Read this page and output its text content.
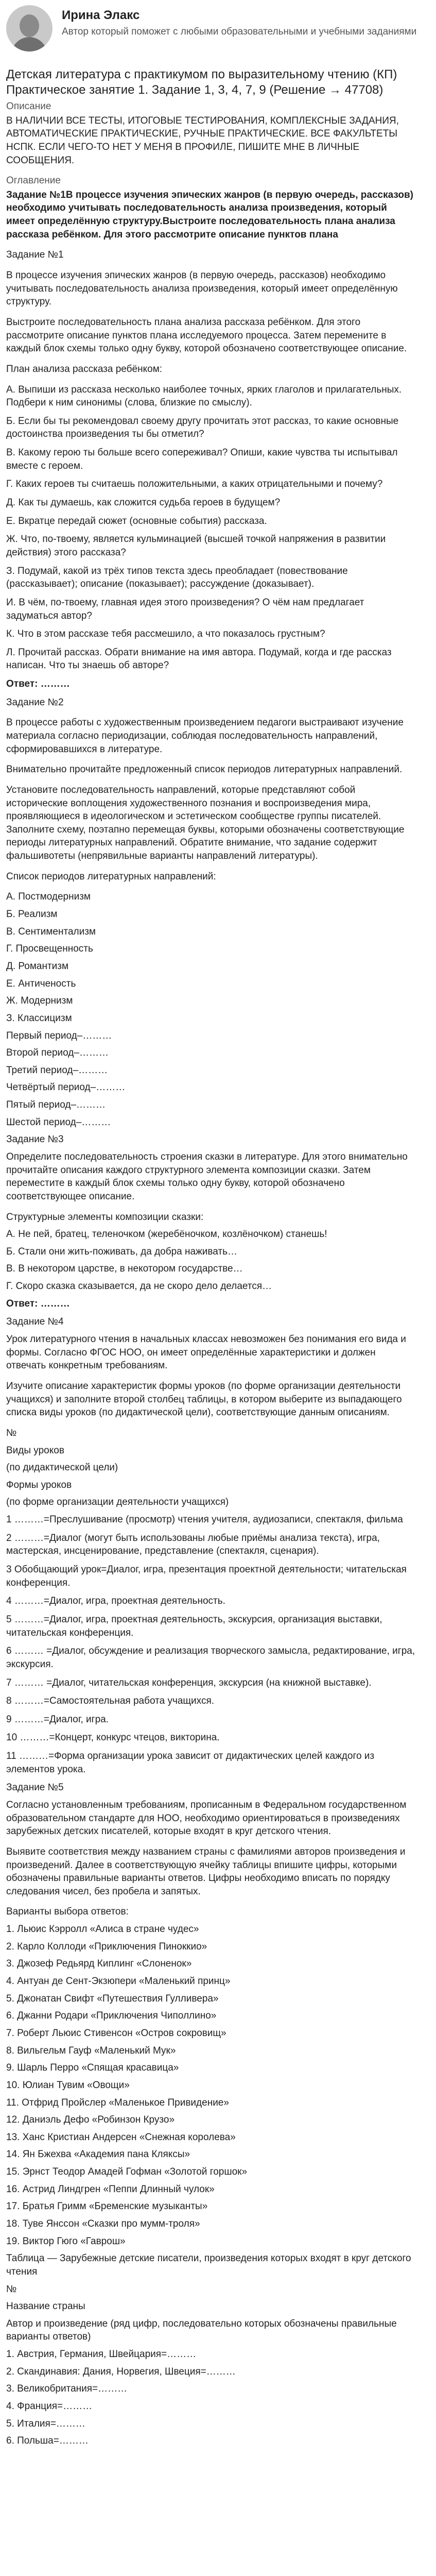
Ирина Элакс
Автор который поможет с любыми образовательными и учебными заданиями
Детская литература с практикумом по выразительному чтению (КП) Практическое занятие 1. Задание 1, 3, 4, 7, 9 (Решение → 47708)
Описание
В НАЛИЧИИ ВСЕ ТЕСТЫ, ИТОГОВЫЕ ТЕСТИРОВАНИЯ, КОМПЛЕКСНЫЕ ЗАДАНИЯ, АВТОМАТИЧЕСКИЕ ПРАКТИЧЕСКИЕ, РУЧНЫЕ ПРАКТИЧЕСКИЕ. ВСЕ ФАКУЛЬТЕТЫ НСПК. ЕСЛИ ЧЕГО-ТО НЕТ У МЕНЯ В ПРОФИЛЕ, ПИШИТЕ МНЕ В ЛИЧНЫЕ СООБЩЕНИЯ.
Оглавление

Задание №1В процессе изучения эпических жанров (в первую очередь, рассказов) необходимо учитывать последовательность анализа произведения, который имеет определённую структуру.Выстроите последовательность плана анализа рассказа ребёнком. Для этого рассмотрите описание пунктов плана

Задание №1

В процессе изучения эпических жанров (в первую очередь, рассказов) необходимо учитывать последовательность анализа произведения, который имеет определённую структуру.

Выстроите последовательность плана анализа рассказа ребёнком. Для этого рассмотрите описание пунктов плана исследуемого процесса. Затем перемените в каждый блок схемы только одну букву, которой обозначено соответствующее описание.

План анализа рассказа ребёнком:

А. Выпиши из рассказа несколько наиболее точных, ярких глаголов и прилагательных. Подбери к ним синонимы (слова, близкие по смыслу).

Б. Если бы ты рекомендовал своему другу прочитать этот рассказ, то какие основные достоинства произведения ты бы отметил?

В. Какому герою ты больше всего сопереживал? Опиши, какие чувства ты испытывал вместе с героем.

Г. Каких героев ты считаешь положительными, а каких отрицательными и почему?

Д. Как ты думаешь, как сложится судьба героев в будущем?

Е. Вкратце передай сюжет (основные события) рассказа.

Ж. Что, по-твоему, является кульминацией (высшей точкой напряжения в развитии действия) этого рассказа?

З. Подумай, какой из трёх типов текста здесь преобладает (повествование (рассказывает); описание (показывает); рассуждение (доказывает).

И. В чём, по-твоему, главная идея этого произведения? О чём нам предлагает задуматься автор?

К. Что в этом рассказе тебя рассмешило, а что показалось грустным?

Л. Прочитай рассказ. Обрати внимание на имя автора. Подумай, когда и где рассказ написан. Что ты знаешь об авторе?

Ответ: ………

Задание №2

В процессе работы с художественным произведением педагоги выстраивают изучение материала согласно периодизации, соблюдая последовательность направлений, сформировавшихся в литературе.

Внимательно прочитайте предложенный список периодов литературных направлений.

Установите последовательность направлений, которые представляют собой исторические воплощения художественного познания и воспроизведения мира, проявляющиеся в идеологическом и эстетическом сообществе группы писателей. Заполните схему, поэтапно перемещая буквы, которыми обозначены соответствующие периоды литературных направлений. Обратите внимание, что задание содержит фальшивотеты (непрявильные варианты направлений литературы).

Список периодов литературных направлений:

А. Постмодернизм

Б. Реализм

В. Сентиментализм

Г. Просвещенность

Д. Романтизм

Е. Античеность

Ж. Модернизм

З. Классицизм

Первый период–………

Второй период–………

Третий период–………

Четвёртый период–………

Пятый период–………

Шестой период–………

Задание №3

Определите последовательность строения сказки в литературе. Для этого внимательно прочитайте описания каждого структурного элемента композиции сказки. Затем переместите в каждый блок схемы только одну букву, которой обозначено соответствующее описание.

Структурные элементы композиции сказки:

А. Не пей, братец, теленочком (жеребёночком, козлёночком) станешь!

Б. Стали они жить-поживать, да добра наживать…

В. В некотором царстве, в некотором государстве…

Г. Скоро сказка сказывается, да не скоро дело делается…

Ответ: ………

Задание №4

Урок литературного чтения в начальных классах невозможен без понимания его вида и формы. Согласно ФГОС НОО, он имеет определённые характеристики и должен отвечать конкретным требованиям.

Изучите описание характеристик формы уроков (по форме организации деятельности учащихся) и заполните второй столбец таблицы, в котором выберите из выпадающего списка виды уроков (по дидактической цели), соответствующие данным описаниям.

№

Виды уроков

(по дидактической цели)

Формы уроков

(по форме организации деятельности учащихся)

1 ………=Преcлушивание (просмотр) чтения учителя, аудиозаписи, спектакля, фильма

2 ………=Диалог (могут быть использованы любые приёмы анализа текста), игра, мастерская, инсценирование, представление (спектакля, сценария).

3 Обобщающий урок=Диалог, игра, презентация проектной деятельности; читательская конференция.

4 ………=Диалог, игра, проектная деятельность.

5 ………=Диалог, игра, проектная деятельность, экскурсия, организация выставки, читательская конференция.

6 ……… =Диалог, обсуждение и реализация творческого замысла, редактирование, игра, экскурсия.

7 ……… =Диалог, читательская конференция, экскурсия (на книжной выставке).

8 ………=Самостоятельная работа учащихся.

9 ………=Диалог, игра.

10 ………=Концерт, конкурс чтецов, викторина.

11 ………=Форма организации урока зависит от дидактических целей каждого из элементов урока.

Задание №5

Согласно установленным требованиям, прописанным в Федеральном государственном образовательном стандарте для НОО, необходимо ориентироваться в произведениях зарубежных детских писателей, которые входят в круг детского чтения.

Выявите соответствия между названием страны с фамилиями авторов произведения и произведений. Далее в соответствующую ячейку таблицы впишите цифры, которыми обозначены правильные варианты ответов. Цифры необходимо вписать по порядку следования чисел, без пробела и запятых.

Варианты выбора ответов:

1. Льюис Кэрролл «Алиса в стране чудес»

2. Карло Коллоди «Приключения Пиноккио»

3. Джозеф Редьярд Киплинг «Слоненок»

4. Антуан де Сент-Экзюпери «Маленький принц»

5. Джонатан Свифт «Путешествия Гулливера»

6. Джанни Родари «Приключения Чиполлино»

7. Роберт Льюис Стивенсон «Остров сокровищ»

8. Вильгельм Гауф «Маленький Мук»

9. Шарль Перро «Спящая красавица»

10. Юлиан Тувим «Овощи»

11. Отфрид Пройслер «Маленькое Привидение»

12. Даниэль Дефо «Робинзон Крузо»

13. Ханс Кристиан Андерсен «Снежная королева»

14. Ян Бжехва «Академия пана Кляксы»

15. Эрнст Теодор Амадей Гофман «Золотой горшок»

16. Астрид Линдгрен «Пеппи Длинный чулок»

17. Братья Гримм «Бременские музыканты»

18. Туве Янссон «Сказки про мумм-троля»

19. Виктор Гюго «Гаврош»

Таблица — Зарубежные детские писатели, произведения которых входят в круг детского чтения

№

Название страны

Автор и произведение (ряд цифр, последовательно которых обозначены правильные варианты ответов)

1. Австрия, Германия, Швейцария=………

2. Скандинавия: Дания, Норвегия, Швеция=………

3. Великобритания=………

4. Франция=………

5. Италия=………

6. Польша=………
